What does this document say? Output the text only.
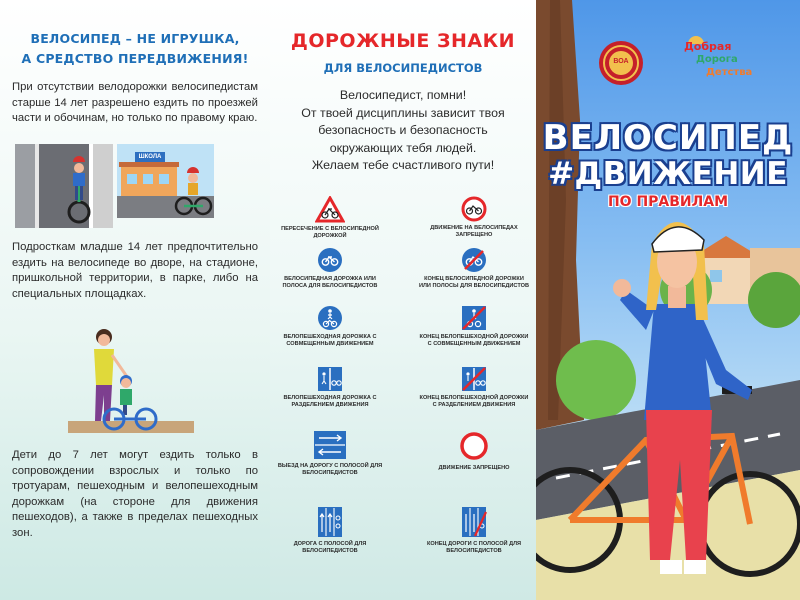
ВЕЛОСИПЕД – НЕ ИГРУШКА,
А СРЕДСТВО ПЕРЕДВИЖЕНИЯ!
При отсутствии велодорожки велосипедистам старше 14 лет разрешено ездить по проезжей части и обочинам, но только по правому краю.
ШКОЛА
Подросткам младше 14 лет предпочтительно ездить на велосипеде во дворе, на стадионе, пришкольной территории, в парке, либо на специальных площадках.
Дети до 7 лет могут ездить только в сопровождении взрослых и только по тротуарам, пешеходным и велопешеходным дорожкам (на стороне для движения пешеходов), а также в пределах пешеходных зон.
ДОРОЖНЫЕ ЗНАКИ
ДЛЯ ВЕЛОСИПЕДИСТОВ
Велосипедист, помни!
От твоей дисциплины зависит твоя
безопасность и безопасность
окружающих тебя людей.
Желаем тебе счастливого пути!
ПЕРЕСЕЧЕНИЕ С ВЕЛОСИПЕДНОЙ ДОРОЖКОЙ
ДВИЖЕНИЕ НА ВЕЛОСИПЕДАХ ЗАПРЕЩЕНО
ВЕЛОСИПЕДНАЯ ДОРОЖКА ИЛИ ПОЛОСА ДЛЯ ВЕЛОСИПЕДИСТОВ
КОНЕЦ ВЕЛОСИПЕДНОЙ ДОРОЖКИ ИЛИ ПОЛОСЫ ДЛЯ ВЕЛОСИПЕДИСТОВ
ВЕЛОПЕШЕХОДНАЯ ДОРОЖКА С СОВМЕЩЕННЫМ ДВИЖЕНИЕМ
КОНЕЦ ВЕЛОПЕШЕХОДНОЙ ДОРОЖКИ С СОВМЕЩЕННЫМ ДВИЖЕНИЕМ
ВЕЛОПЕШЕХОДНАЯ ДОРОЖКА С РАЗДЕЛЕНИЕМ ДВИЖЕНИЯ
КОНЕЦ ВЕЛОПЕШЕХОДНОЙ ДОРОЖКИ С РАЗДЕЛЕНИЕМ ДВИЖЕНИЯ
ВЫЕЗД НА ДОРОГУ С ПОЛОСОЙ ДЛЯ ВЕЛОСИПЕДИСТОВ
ДВИЖЕНИЕ ЗАПРЕЩЕНО
ДОРОГА С ПОЛОСОЙ ДЛЯ ВЕЛОСИПЕДИСТОВ
КОНЕЦ ДОРОГИ С ПОЛОСОЙ ДЛЯ ВЕЛОСИПЕДИСТОВ
ВОА
Добрая
Дорога
Детства
ВЕЛОСИПЕД
#ДВИЖЕНИЕ
ПО ПРАВИЛАМ
